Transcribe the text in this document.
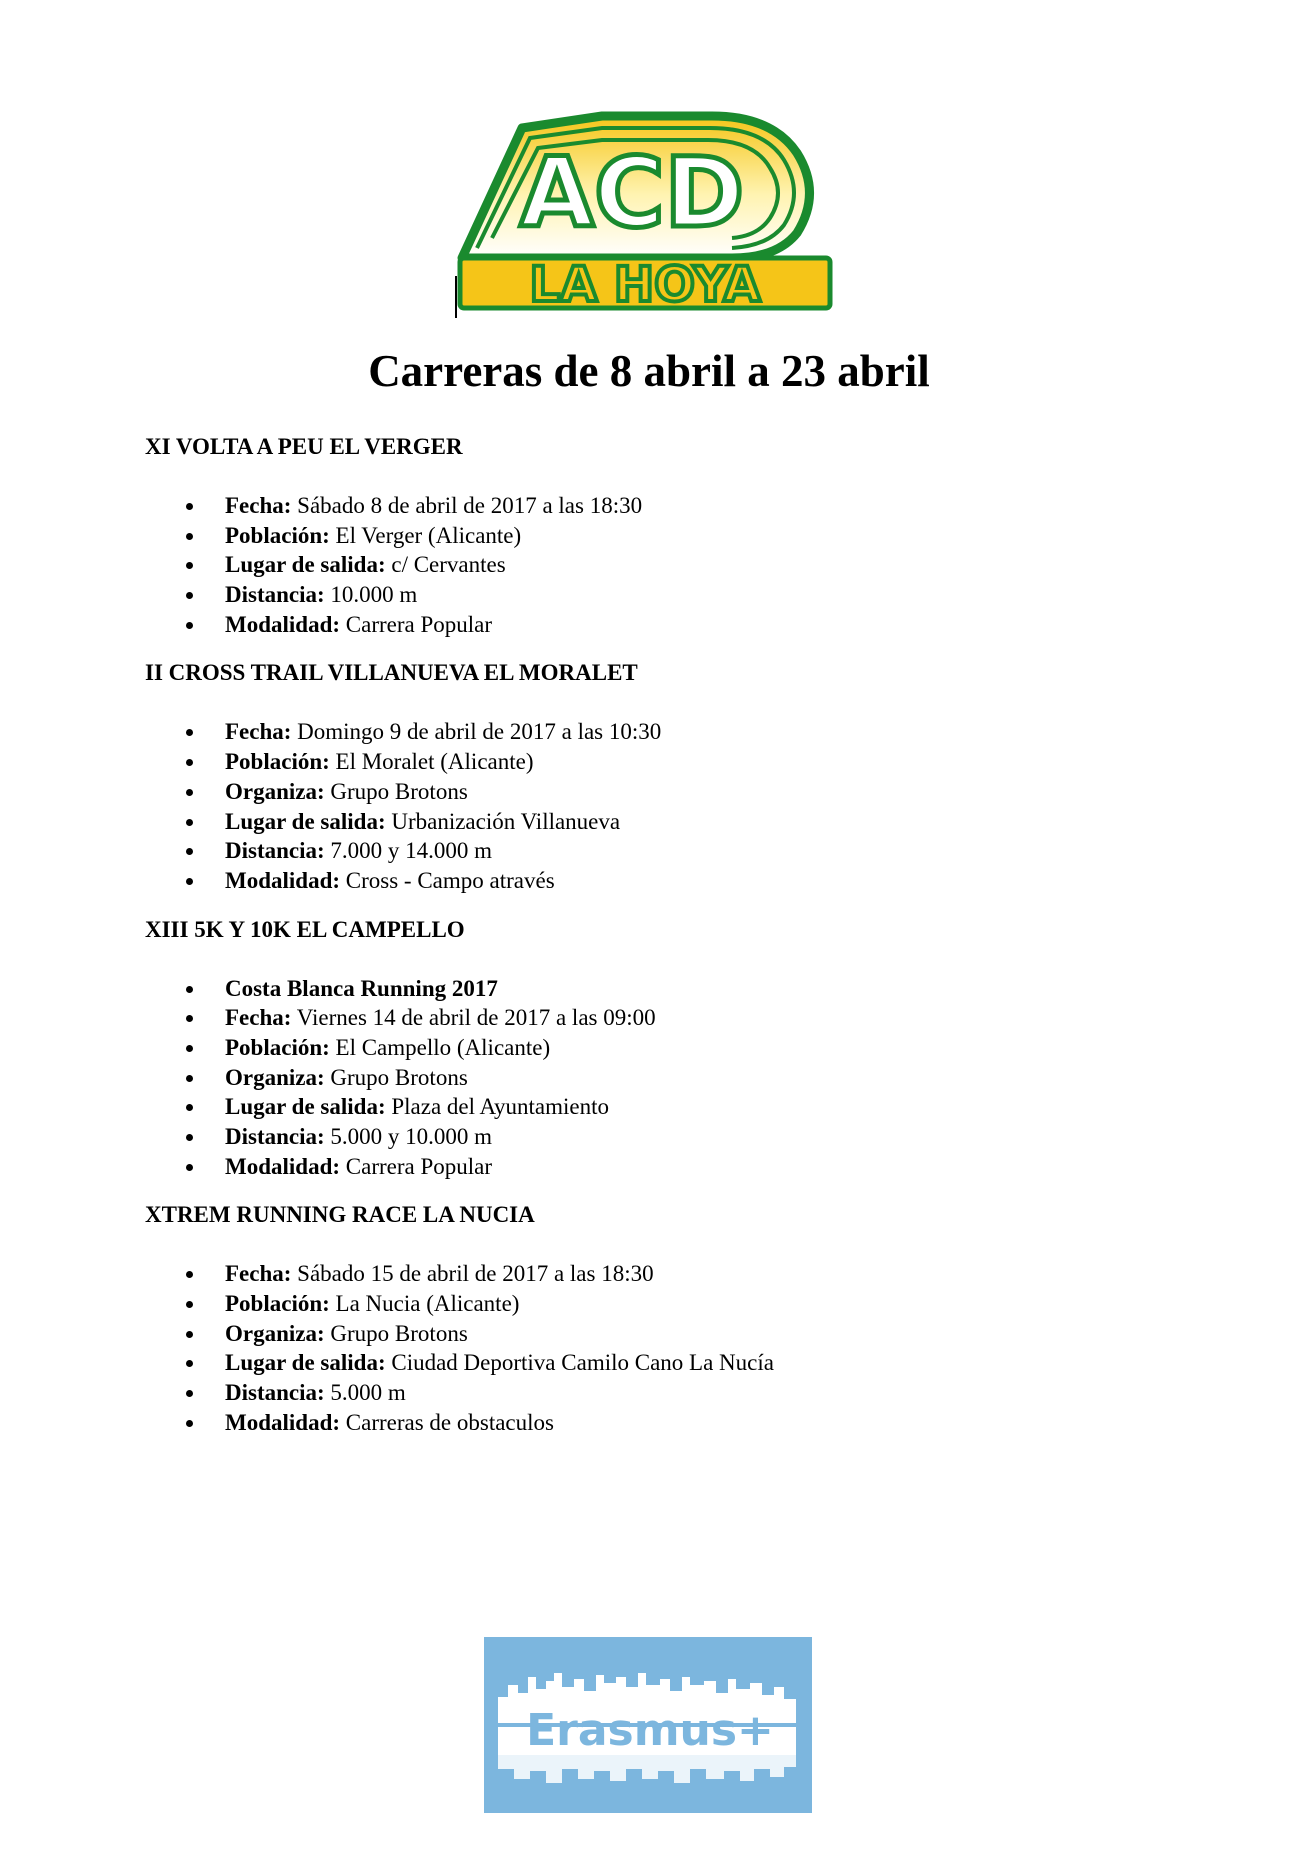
ACD
LA HOYA
Carreras de 8 abril a 23 abril

XI VOLTA A PEU EL VERGER

Fecha: Sábado 8 de abril de 2017 a las 18:30
Población: El Verger (Alicante)
Lugar de salida: c/ Cervantes
Distancia: 10.000 m
Modalidad: Carrera Popular

II CROSS TRAIL VILLANUEVA EL MORALET

Fecha: Domingo 9 de abril de 2017 a las 10:30
Población: El Moralet (Alicante)
Organiza: Grupo Brotons
Lugar de salida: Urbanización Villanueva
Distancia: 7.000 y 14.000 m
Modalidad: Cross - Campo através

XIII 5K Y 10K EL CAMPELLO

Costa Blanca Running 2017
Fecha: Viernes 14 de abril de 2017 a las 09:00
Población: El Campello (Alicante)
Organiza: Grupo Brotons
Lugar de salida: Plaza del Ayuntamiento
Distancia: 5.000 y 10.000 m
Modalidad: Carrera Popular

XTREM RUNNING RACE LA NUCIA

Fecha: Sábado 15 de abril de 2017 a las 18:30
Población: La Nucia (Alicante)
Organiza: Grupo Brotons
Lugar de salida: Ciudad Deportiva Camilo Cano La Nucía
Distancia: 5.000 m
Modalidad: Carreras de obstaculos
Erasmus+
